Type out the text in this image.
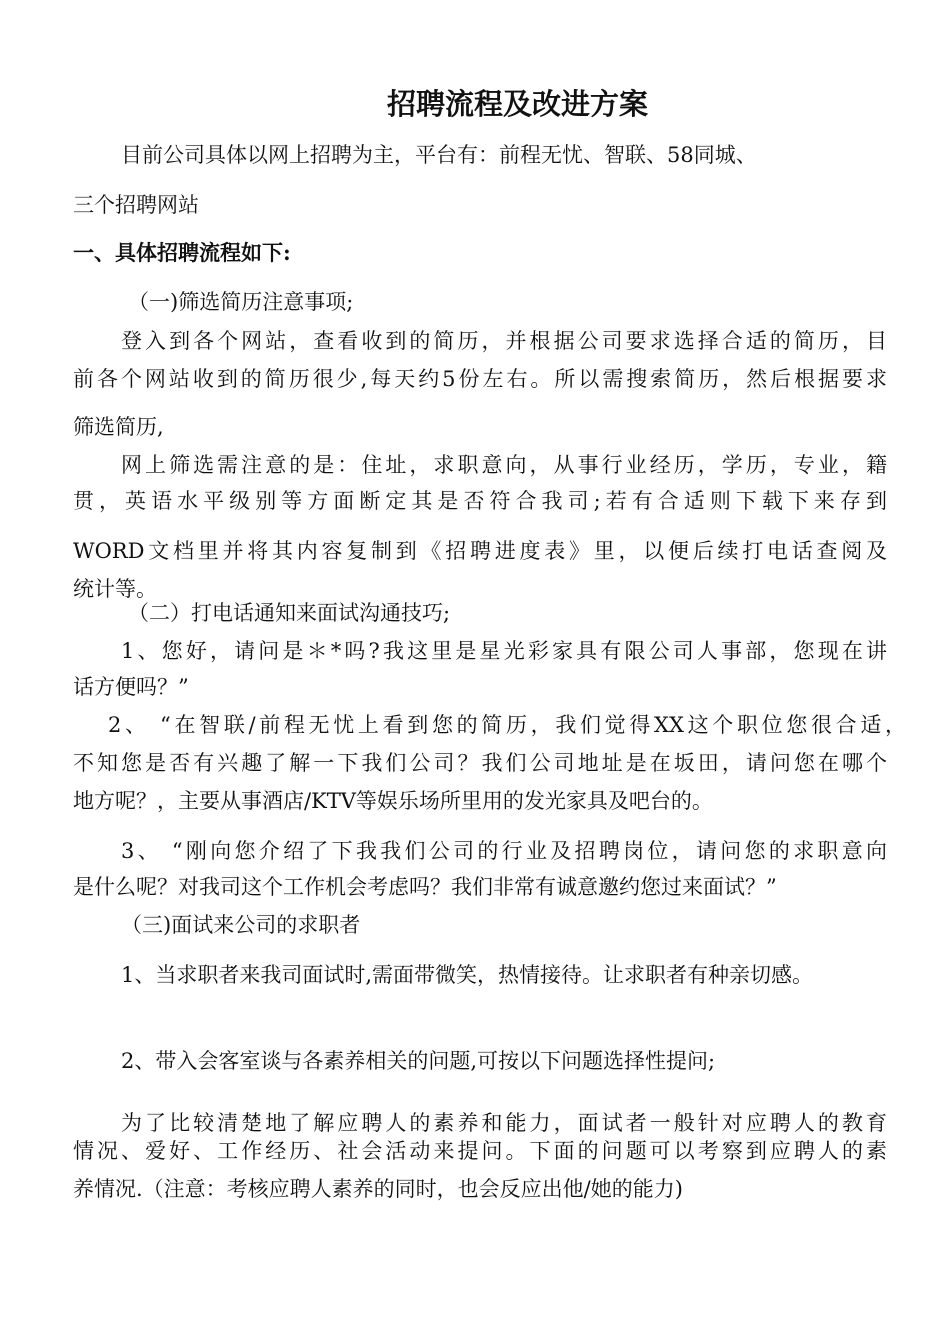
招聘流程及改进方案

目前公司具体以网上招聘为主，平台有：前程无忧、智联、58同城、

三个招聘网站

一、具体招聘流程如下:

（一)筛选简历注意事项;

登入到各个网站，查看收到的简历，并根据公司要求选择合适的简历，目

前各个网站收到的简历很少,每天约5份左右。所以需搜索简历，然后根据要求

筛选简历,

网上筛选需注意的是：住址，求职意向，从事行业经历，学历，专业，籍

贯，英语水平级别等方面断定其是否符合我司;若有合适则下载下来存到

WORD文档里并将其内容复制到《招聘进度表》里，以便后续打电话查阅及

统计等。

（二）打电话通知来面试沟通技巧;

1、您好，请问是＊*吗?我这里是星光彩家具有限公司人事部，您现在讲

话方便吗？”

2、 “在智联/前程无忧上看到您的简历，我们觉得XX这个职位您很合适，

不知您是否有兴趣了解一下我们公司？我们公司地址是在坂田，请问您在哪个

地方呢？，主要从事酒店/KTV等娱乐场所里用的发光家具及吧台的。

3、 “刚向您介绍了下我我们公司的行业及招聘岗位，请问您的求职意向

是什么呢？对我司这个工作机会考虑吗？我们非常有诚意邀约您过来面试？”

（三)面试来公司的求职者

1、当求职者来我司面试时,需面带微笑，热情接待。让求职者有种亲切感。

2、带入会客室谈与各素养相关的问题,可按以下问题选择性提问;

为了比较清楚地了解应聘人的素养和能力，面试者一般针对应聘人的教育

情况、爱好、工作经历、社会活动来提问。下面的问题可以考察到应聘人的素

养情况.（注意：考核应聘人素养的同时，也会反应出他/她的能力)
